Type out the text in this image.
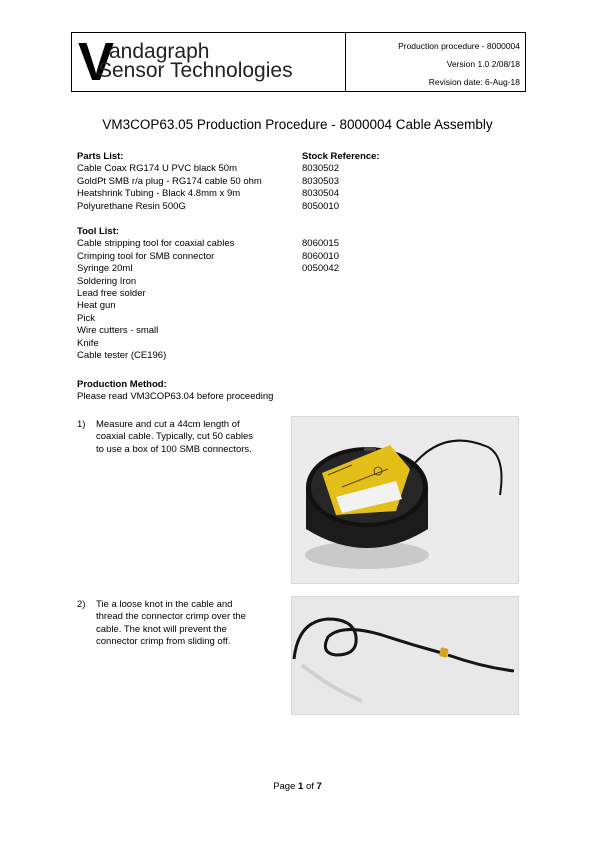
V
andagraph
Sensor Technologies
Production procedure - 8000004
Version 1.0 2/08/18
Revision date: 6-Aug-18
VM3COP63.05 Production Procedure - 8000004 Cable Assembly
Parts List:	Stock Reference:
Cable Coax RG174 U PVC black 50m	8030502
GoldPt SMB r/a plug - RG174 cable 50 ohm	8030503
Heatshrink Tubing - Black 4.8mm x 9m	8030504
Polyurethane Resin 500G	8050010
Tool List:
Cable stripping tool for coaxial cables	8060015
Crimping tool for SMB connector	8060010
Syringe 20ml	0050042
Soldering Iron
Lead free solder
Heat gun
Pick
Wire cutters - small
Knife
Cable tester (CE196)
Production Method:
Please read VM3COP63.04 before proceeding
1)	Measure and cut a 44cm length of
coaxial cable. Typically, cut 50 cables
to use a box of 100 SMB connectors.
2)	Tie a loose knot in the cable and
thread the connector crimp over the
cable. The knot will prevent the
connector crimp from sliding off.
Page 1 of 7
